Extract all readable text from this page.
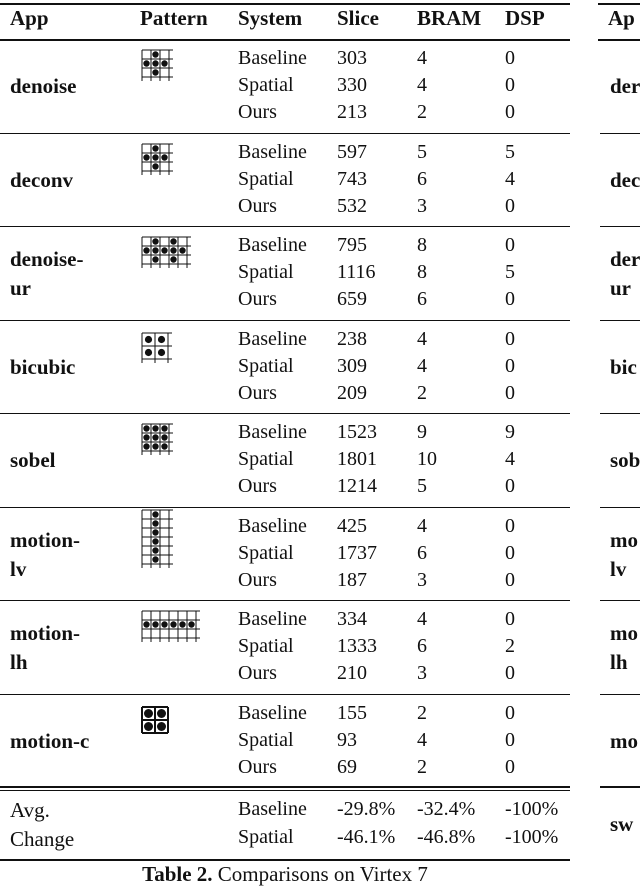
App	Pattern System Slice BRAM DSP
denoise
Baseline 303	4	0
Spatial 330	4	0
Ours	213	2	0
deconv
Baseline 597	5	5
Spatial 743	6	4
Ours	532	3	0
denoise-
ur
Baseline 795	8	0
Spatial 1116 8	5
Ours	659	6	0
bicubic
Baseline 238	4	0
Spatial 309	4	0
Ours	209	2	0
sobel
Baseline 1523 9	9
Spatial 1801 10	4
Ours	1214 5	0
motion-
lv
Baseline 425	4	0
Spatial 1737 6	0
Ours	187	3	0
motion-
lh
Baseline 334	4	0
Spatial 1333 6	2
Ours	210	3	0
motion-c
Baseline 155	2	0
Spatial 93	4	0
Ours	69	2	0
Avg.
Change
Baseline -29.8% -32.4% -100%
Spatial -46.1% -46.8% -100%
Table 2. Comparisons on Virtex 7
Ap
der
dec
der
ur
bic
sob
mo
lv
mo
lh
mo
sw
